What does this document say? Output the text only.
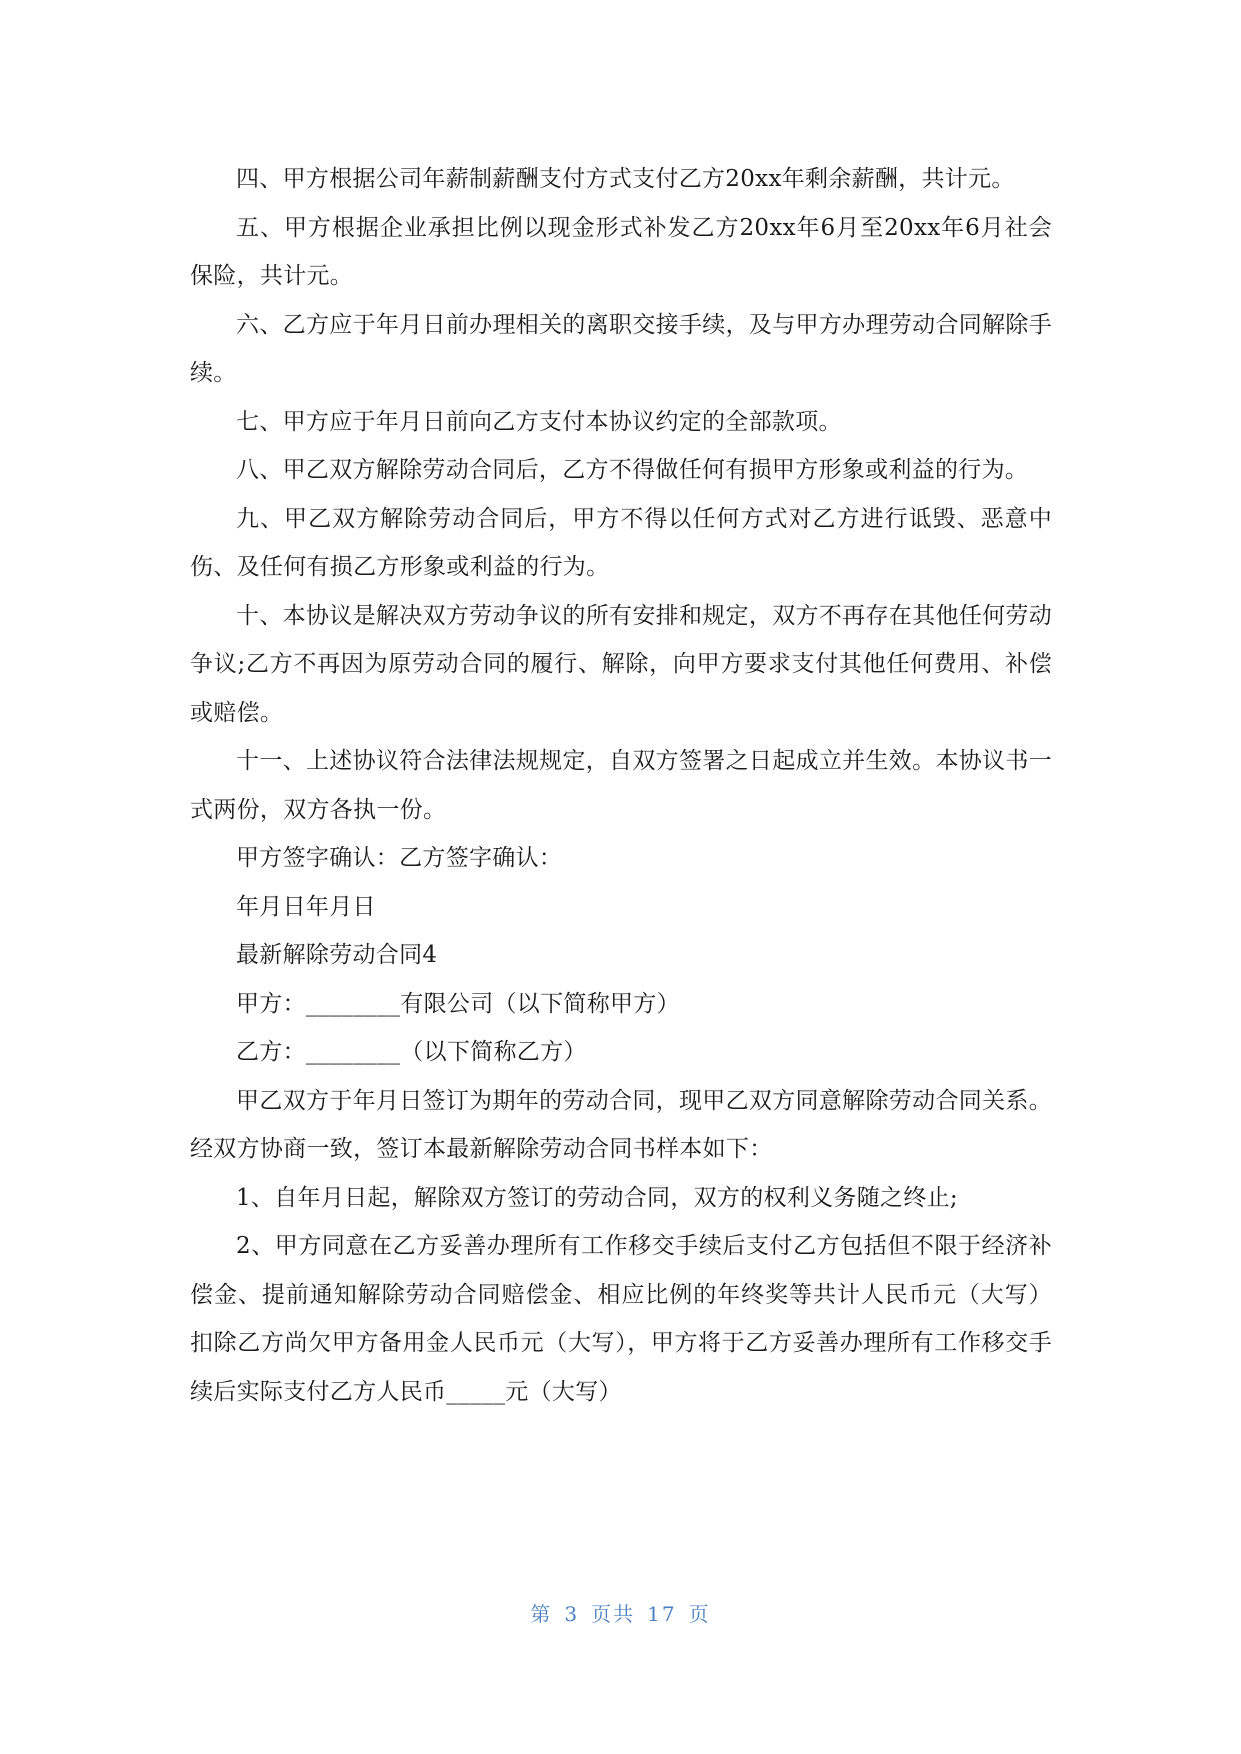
四、甲方根据公司年薪制薪酬支付方式支付乙方20xx年剩余薪酬，共计元。

五、甲方根据企业承担比例以现金形式补发乙方20xx年6月至20xx年6月社会保险，共计元。

六、乙方应于年月日前办理相关的离职交接手续，及与甲方办理劳动合同解除手续。

七、甲方应于年月日前向乙方支付本协议约定的全部款项。

八、甲乙双方解除劳动合同后，乙方不得做任何有损甲方形象或利益的行为。

九、甲乙双方解除劳动合同后，甲方不得以任何方式对乙方进行诋毁、恶意中伤、及任何有损乙方形象或利益的行为。

十、本协议是解决双方劳动争议的所有安排和规定，双方不再存在其他任何劳动争议;乙方不再因为原劳动合同的履行、解除，向甲方要求支付其他任何费用、补偿或赔偿。

十一、上述协议符合法律法规规定，自双方签署之日起成立并生效。本协议书一式两份，双方各执一份。

甲方签字确认：乙方签字确认：

年月日年月日

最新解除劳动合同4

甲方：________有限公司（以下简称甲方）

乙方：________（以下简称乙方）

甲乙双方于年月日签订为期年的劳动合同，现甲乙双方同意解除劳动合同关系。经双方协商一致，签订本最新解除劳动合同书样本如下：

1、自年月日起，解除双方签订的劳动合同，双方的权利义务随之终止;

2、甲方同意在乙方妥善办理所有工作移交手续后支付乙方包括但不限于经济补偿金、提前通知解除劳动合同赔偿金、相应比例的年终奖等共计人民币元（大写）扣除乙方尚欠甲方备用金人民币元（大写），甲方将于乙方妥善办理所有工作移交手续后实际支付乙方人民币_____元（大写）

第 3 页共 17 页
